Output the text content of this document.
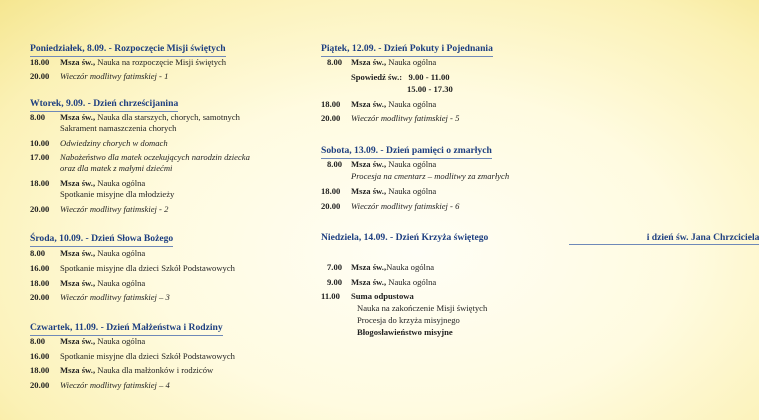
Poniedziałek, 8.09. - Rozpoczęcie Misji świętych
18.00	Msza św., Nauka na rozpoczęcie Misji świętych
20.00	Wieczór modlitwy fatimskiej - 1
Wtorek, 9.09. - Dzień chrześcijanina
8.00	Msza św., Nauka dla starszych, chorych, samotnych
Sakrament namaszczenia chorych
10.00	Odwiedziny chorych w domach
17.00	Nabożeństwo dla matek oczekujących narodzin dziecka
oraz dla matek z małymi dziećmi
18.00	Msza św., Nauka ogólna
Spotkanie misyjne dla młodzieży
20.00	Wieczór modlitwy fatimskiej - 2
Środa, 10.09. - Dzień Słowa Bożego
8.00	Msza św., Nauka ogólna
16.00	Spotkanie misyjne dla dzieci Szkół Podstawowych
18.00	Msza św., Nauka ogólna
20.00	Wieczór modlitwy fatimskiej – 3
Czwartek, 11.09. - Dzień Małżeństwa i Rodziny
8.00	Msza św., Nauka ogólna
16.00	Spotkanie misyjne dla dzieci Szkół Podstawowych
18.00	Msza św., Nauka dla małżonków i rodziców
20.00	Wieczór modlitwy fatimskiej – 4
Piątek, 12.09. - Dzień Pokuty i Pojednania
8.00	Msza św., Nauka ogólna
Spowiedź św.:   9.00 - 11.00
15.00 - 17.30
18.00	Msza św., Nauka ogólna
20.00	Wieczór modlitwy fatimskiej - 5
Sobota, 13.09. - Dzień pamięci o zmarłych
8.00	Msza św., Nauka ogólna
Procesja na cmentarz – modlitwy za zmarłych
18.00	Msza św., Nauka ogólna
20.00	Wieczór modlitwy fatimskiej - 6
Niedziela, 14.09. - Dzień Krzyża świętego	i dzień św. Jana Chrzciciela
7.00	Msza św.,Nauka ogólna
9.00	Msza św., Nauka ogólna
11.00	Suma odpustowa
Nauka na zakończenie Misji świętych
Procesja do krzyża misyjnego
Błogosławieństwo misyjne
